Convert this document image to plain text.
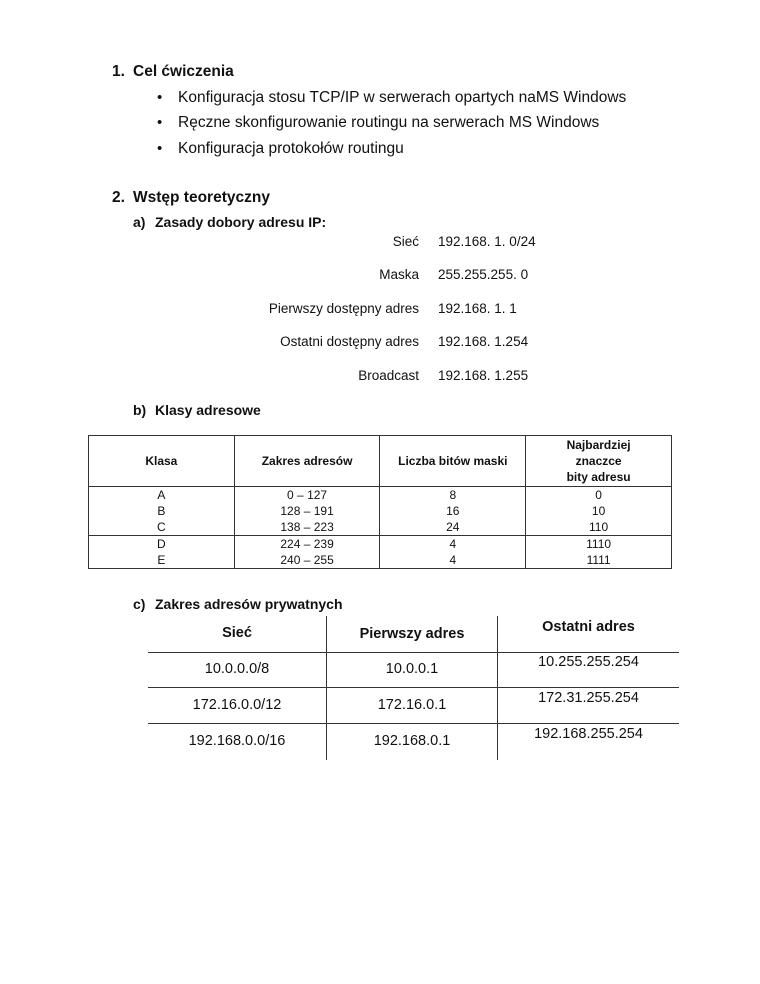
1. Cel ćwiczenia
• Konfiguracja stosu TCP/IP w serwerach opartych naMS Windows
• Ręczne skonfigurowanie routingu na serwerach MS Windows
• Konfiguracja protokołów routingu
2. Wstęp teoretyczny
a) Zasady dobory adresu IP:
Sieć 192.168. 1. 0/24
Maska 255.255.255. 0
Pierwszy dostępny adres 192.168. 1. 1
Ostatni dostępny adres 192.168. 1.254
Broadcast 192.168. 1.255
b) Klasy adresowe
Klasa	Zakres adresów	Liczba bitów maski	Najbardziej
znaczce
bity adresu

A	0 – 127	8	0
B	128 – 191	16	10
C	138 – 223	24	110
D	224 – 239	4	1110
E	240 – 255	4	1111
c) Zakres adresów prywatnych
Sieć	Pierwszy adres	Ostatni adres
10.0.0.0/8	10.0.0.1	10.255.255.254
172.16.0.0/12	172.16.0.1	172.31.255.254
192.168.0.0/16	192.168.0.1	192.168.255.254
